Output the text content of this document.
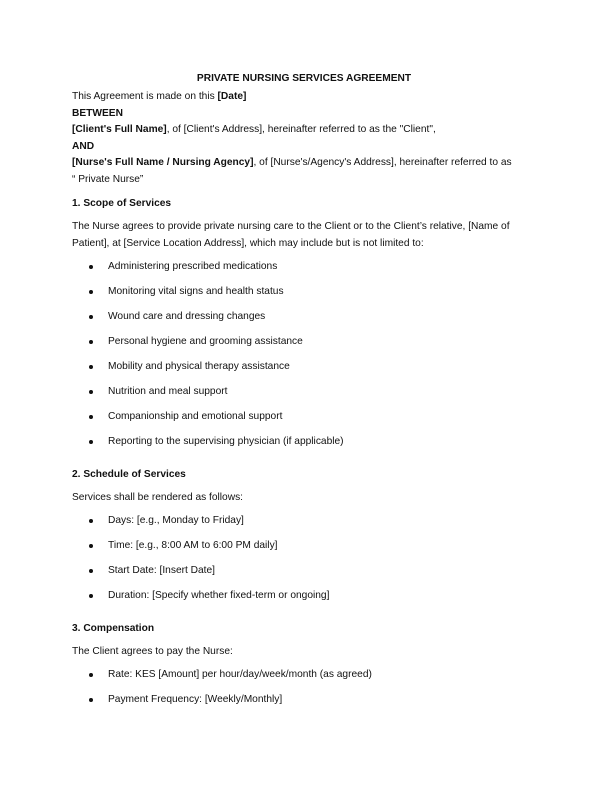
PRIVATE NURSING SERVICES AGREEMENT

This Agreement is made on this [Date]

BETWEEN

[Client's Full Name], of [Client's Address], hereinafter referred to as the "Client",

AND

[Nurse's Full Name / Nursing Agency], of [Nurse's/Agency's Address], hereinafter referred to as

“ Private Nurse”

1. Scope of Services

The Nurse agrees to provide private nursing care to the Client or to the Client’s relative, [Name of Patient], at [Service Location Address], which may include but is not limited to:

Administering prescribed medications
Monitoring vital signs and health status
Wound care and dressing changes
Personal hygiene and grooming assistance
Mobility and physical therapy assistance
Nutrition and meal support
Companionship and emotional support
Reporting to the supervising physician (if applicable)
2. Schedule of Services

Services shall be rendered as follows:

Days: [e.g., Monday to Friday]
Time: [e.g., 8:00 AM to 6:00 PM daily]
Start Date: [Insert Date]
Duration: [Specify whether fixed-term or ongoing]
3. Compensation

The Client agrees to pay the Nurse:

Rate: KES [Amount] per hour/day/week/month (as agreed)
Payment Frequency: [Weekly/Monthly]
